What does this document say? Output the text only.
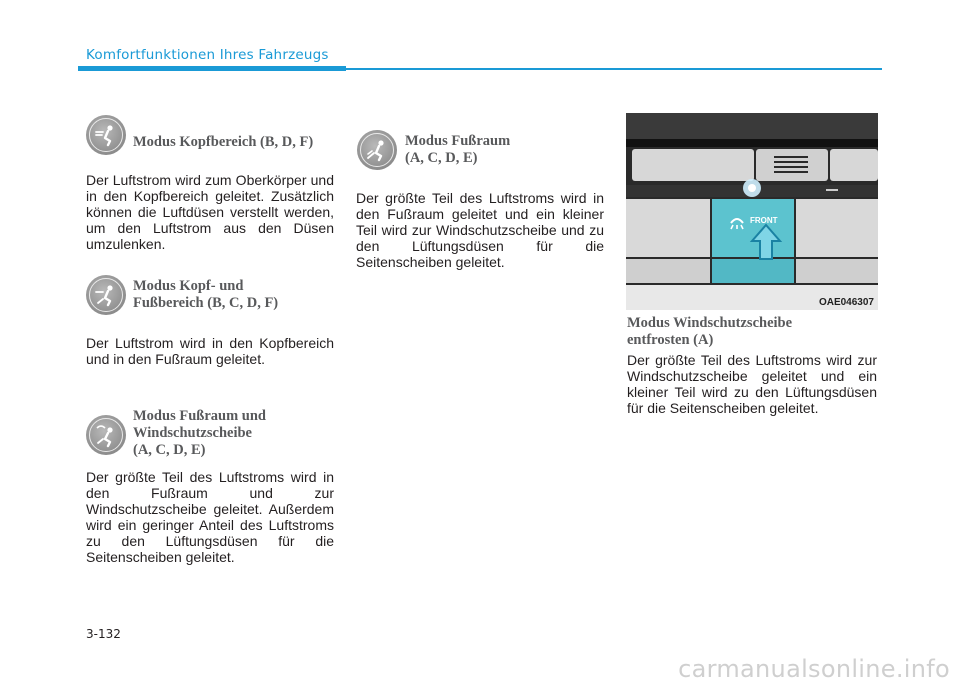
Komfortfunktionen Ihres Fahrzeugs
Modus Kopfbereich (B, D, F)
Der Luftstrom wird zum Oberkörper und in den Kopfbereich geleitet. Zusätzlich können die Luftdüsen verstellt werden, um den Luftstrom aus den Düsen umzulenken.
Modus Kopf- und
Fußbereich (B, C, D, F)
Der Luftstrom wird in den Kopfbereich und in den Fußraum geleitet.
Modus Fußraum und
Windschutzscheibe
(A, C, D, E)
Der größte Teil des Luftstroms wird in den Fußraum und zur Windschutzscheibe geleitet. Außerdem wird ein geringer Anteil des Luftstroms zu den Lüftungsdüsen für die Seitenscheiben geleitet.
Modus Fußraum
(A, C, D, E)
Der größte Teil des Luftstroms wird in den Fußraum geleitet und ein kleiner Teil wird zur Windschutzscheibe und zu den Lüftungsdüsen für die Seitenscheiben geleitet.
FRONT
OAE046307
Modus Windschutzscheibe
entfrosten (A)
Der größte Teil des Luftstroms wird zur Windschutzscheibe geleitet und ein kleiner Teil wird zu den Lüftungsdüsen für die Seitenscheiben geleitet.
3-132
carmanualsonline.info
